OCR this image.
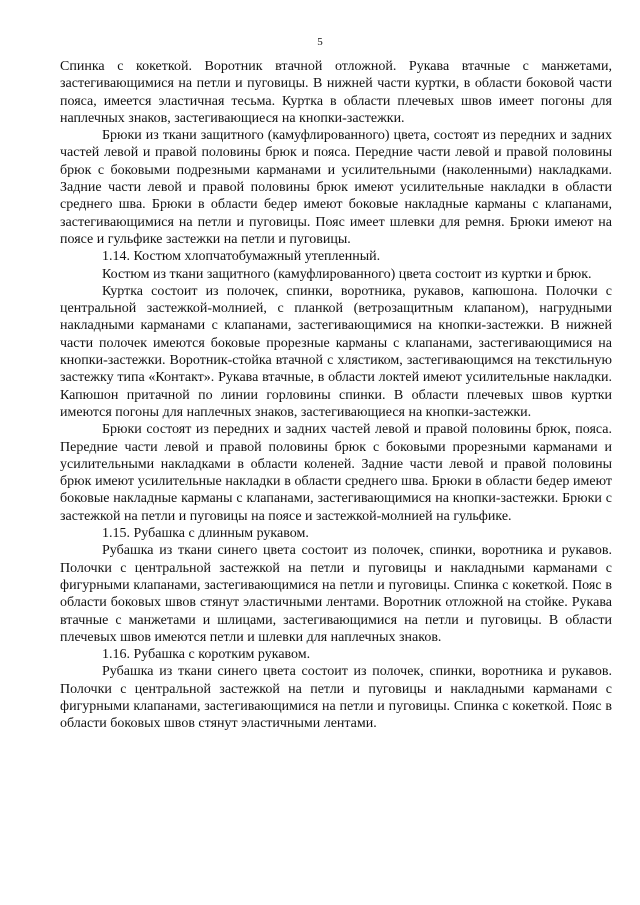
5

Спинка с кокеткой. Воротник втачной отложной. Рукава втачные с манжетами, застегивающимися на петли и пуговицы. В нижней части куртки, в области боковой части пояса, имеется эластичная тесьма. Куртка в области плечевых швов имеет погоны для наплечных знаков, застегивающиеся на кнопки-застежки.

Брюки из ткани защитного (камуфлированного) цвета, состоят из передних и задних частей левой и правой половины брюк и пояса. Передние части левой и правой половины брюк с боковыми подрезными карманами и усилительными (наколенными) накладками. Задние части левой и правой половины брюк имеют усилительные накладки в области среднего шва. Брюки в области бедер имеют боковые накладные карманы с клапанами, застегивающимися на петли и пуговицы. Пояс имеет шлевки для ремня. Брюки имеют на поясе и гульфике застежки на петли и пуговицы.

1.14. Костюм хлопчатобумажный утепленный.

Костюм из ткани защитного (камуфлированного) цвета состоит из куртки и брюк.

Куртка состоит из полочек, спинки, воротника, рукавов, капюшона. Полочки с центральной застежкой-молнией, с планкой (ветрозащитным клапаном), нагрудными накладными карманами с клапанами, застегивающимися на кнопки-застежки. В нижней части полочек имеются боковые прорезные карманы с клапанами, застегивающимися на кнопки-застежки. Воротник-стойка втачной с хлястиком, застегивающимся на текстильную застежку типа «Контакт». Рукава втачные, в области локтей имеют усилительные накладки. Капюшон притачной по линии горловины спинки. В области плечевых швов куртки имеются погоны для наплечных знаков, застегивающиеся на кнопки-застежки.

Брюки состоят из передних и задних частей левой и правой половины брюк, пояса. Передние части левой и правой половины брюк с боковыми прорезными карманами и усилительными накладками в области коленей. Задние части левой и правой половины брюк имеют усилительные накладки в области среднего шва. Брюки в области бедер имеют боковые накладные карманы с клапанами, застегивающимися на кнопки-застежки. Брюки с застежкой на петли и пуговицы на поясе и застежкой-молнией на гульфике.

1.15. Рубашка с длинным рукавом.

Рубашка из ткани синего цвета состоит из полочек, спинки, воротника и рукавов. Полочки с центральной застежкой на петли и пуговицы и накладными карманами с фигурными клапанами, застегивающимися на петли и пуговицы. Спинка с кокеткой. Пояс в области боковых швов стянут эластичными лентами. Воротник отложной на стойке. Рукава втачные с манжетами и шлицами, застегивающимися на петли и пуговицы. В области плечевых швов имеются петли и шлевки для наплечных знаков.

1.16. Рубашка с коротким рукавом.

Рубашка из ткани синего цвета состоит из полочек, спинки, воротника и рукавов. Полочки с центральной застежкой на петли и пуговицы и накладными карманами с фигурными клапанами, застегивающимися на петли и пуговицы. Спинка с кокеткой. Пояс в области боковых швов стянут эластичными лентами.
